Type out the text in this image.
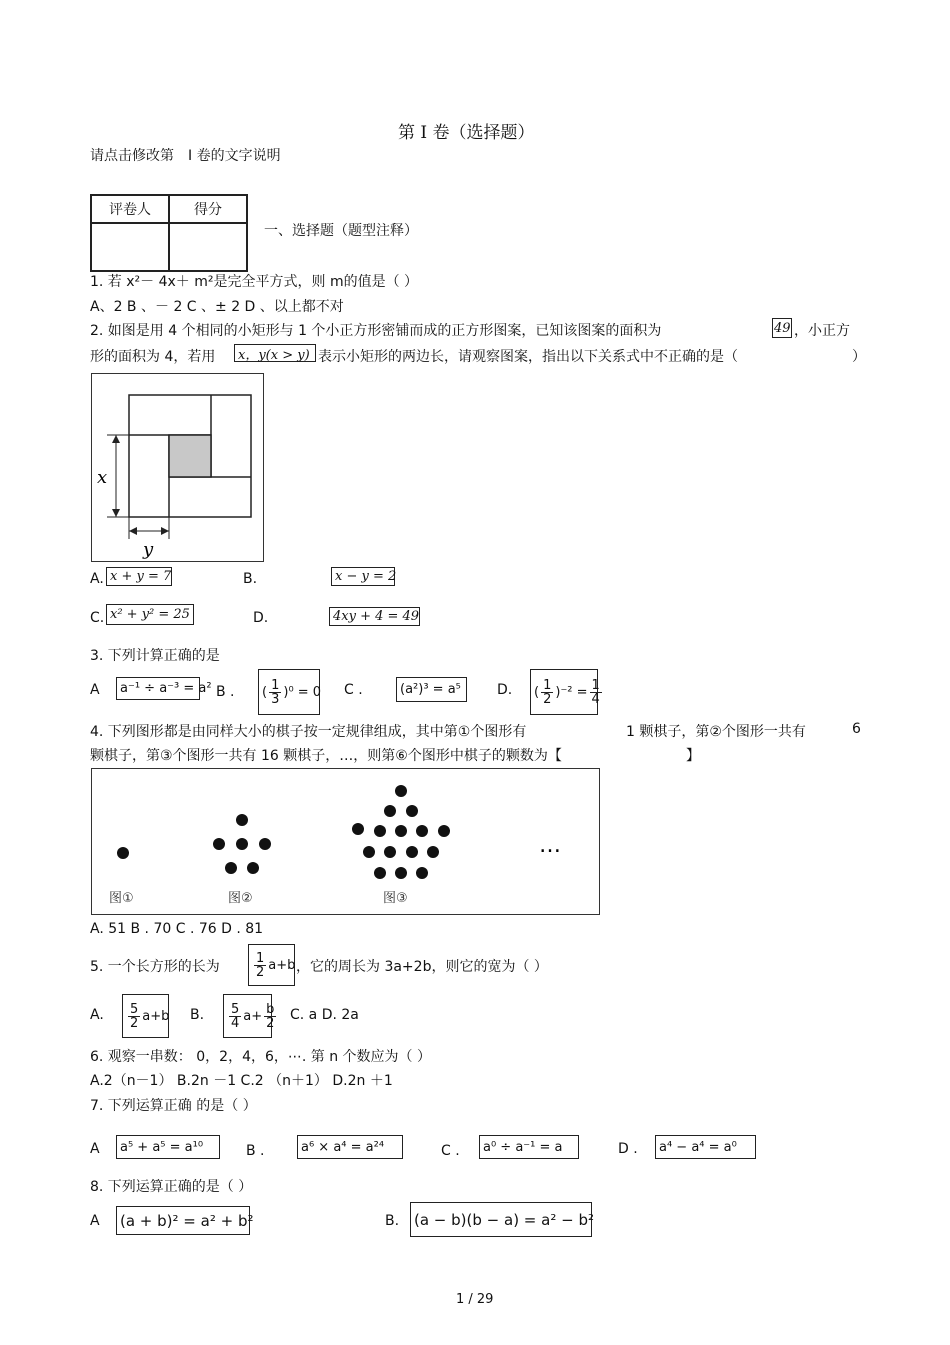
第 I 卷（选择题）
请点击修改第　I 卷的文字说明
评卷人	得分

一、选择题（题型注释）
1. 若 x²－ 4x＋ m²是完全平方式，则 m的值是（ ）
A、2 B 、－ 2 C 、± 2 D 、以上都不对
2. 如图是用 4 个相同的小矩形与 1 个小正方形密铺而成的正方形图案，已知该图案的面积为	49 ，小正方
形的面积为 4，若用	x，y(x > y) 表示小矩形的两边长，请观察图案，指出以下关系式中不正确的是（	）
x
y
A. x + y = 7	B.	x − y = 2
C. x² + y² = 25	D.	4xy + 4 = 49
3. 下列计算正确的是
A	a⁻¹ ÷ a⁻³ = a² B .	( $\frac{1}{3}$ ) ⁰ = 0 C .	(a²)³ = a⁵	D.	( $\frac{1}{2}$ ) $^{-2} = \frac{1}{4}$
4. 下列图形都是由同样大小的棋子按一定规律组成，其中第①个图形有	1 颗棋子，第②个图形一共有	6
颗棋子，第③个图形一共有 16 颗棋子，…，则第⑥个图形中棋子的颗数为【	】
…
图①	图②	图③
A. 51 B . 70 C . 76 D . 81
5. 一个长方形的长为	$\frac{1}{2} a+b$ ，它的周长为 3a+2b，则它的宽为（ ）
A. $\frac{5}{2} a+b$ B. $\frac{5}{4} a+ \frac{b}{2} C$. a D. 2a
6. 观察一串数： 0，2，4，6，⋯. 第 n 个数应为（ ）
A.2（n－1） B.2n －1 C.2 （n＋1） D.2n ＋1
7. 下列运算正确 的是（ ）
A	a⁵ + a⁵ = a¹⁰	B .	a⁶ × a⁴ = a²⁴	C .	a⁰ ÷ a⁻¹ = a	D .	a⁴ − a⁴ = a⁰
8. 下列运算正确的是（ ）
A (a + b)² = a² + b²	B. (a − b)(b − a) = a² − b²
1 / 29
